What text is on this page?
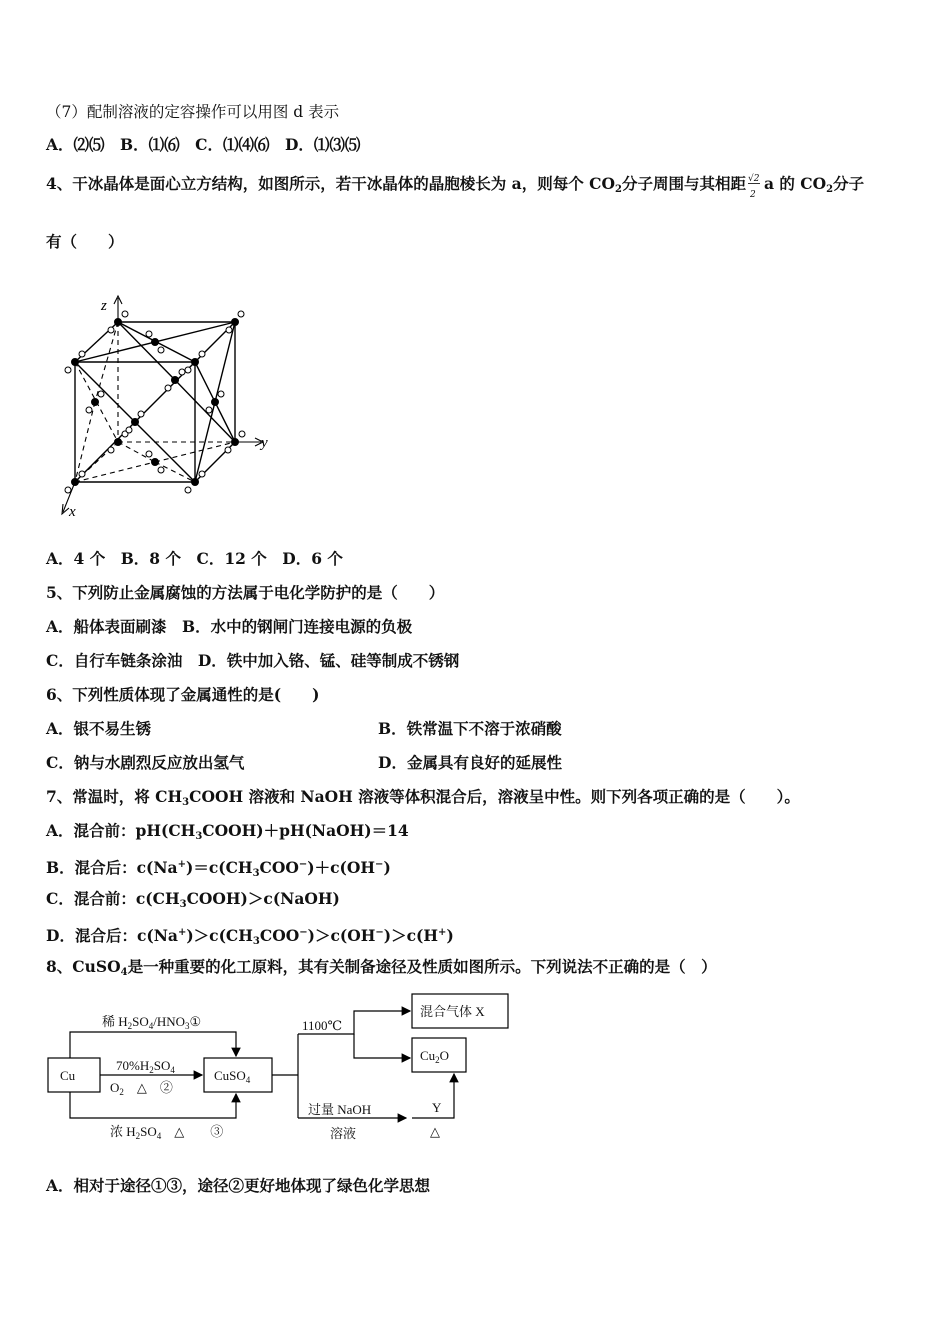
（7）配制溶液的定容操作可以用图 d 表示
A．⑵⑸　B．⑴⑹　C．⑴⑷⑹　D．⑴⑶⑸
4、干冰晶体是面心立方结构，如图所示，若干冰晶体的晶胞棱长为 a，则每个 $CO_2$分子周围与其相距 $\frac{√2}{2}$ a 的 $CO_2$分子
有（　　）
z
y
x
A．4 个　B．8 个　C．12 个　D．6 个
5、下列防止金属腐蚀的方法属于电化学防护的是（　　）
A．船体表面刷漆　B．水中的钢闸门连接电源的负极
C．自行车链条涂油　D．铁中加入铬、锰、硅等制成不锈钢
6、下列性质体现了金属通性的是(　　)
A．银不易生锈	B．铁常温下不溶于浓硝酸
C．钠与水剧烈反应放出氢气	D．金属具有良好的延展性
7、常温时，将 $CH_3COOH$ 溶液和 NaOH 溶液等体积混合后，溶液呈中性。则下列各项正确的是（　　）。
A．混合前：$pH(CH_3COOH)+pH(NaOH)=14$
B．混合后：$c(Na^+)=c(CH_3COO^-)+c(OH^-)$
C．混合前：$c(CH_3COOH)>c(NaOH)$
D．混合后：$c(Na^+)>c(CH_3COO^-)>c(OH^-)>c(H^+)$
8、CuSO$_4$是一种重要的化工原料，其有关制备途径及性质如图所示。下列说法不正确的是（　）
Cu	CuSO$_4$
稀 $H_2SO_4/HNO_3①$
$70\%H_2SO_4$
$O_2$　△　②
浓 $H_2SO_4$　△　　③
1100℃
混合气体 X
$Cu_2O$
过量 NaOH
溶液
Y
△
A．相对于途径①③，途径②更好地体现了绿色化学思想
